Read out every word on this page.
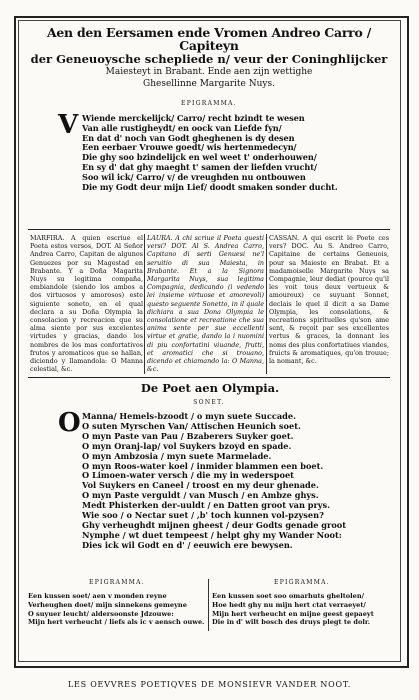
Aen den Eersamen ende Vromen Andreo Carro / Capiteyn
der Geneuoysche schepliede n/ veur der Coninghlijcker
Maiesteyt in Brabant. Ende aen zijn wettighe
Ghesellinne Margarite Nuys.
EPIGRAMMA.
V Wiende merckelijck/ Carro/ recht bzindt te wesen
Van alle rustigheydt/ en oock van Liefde fyn/
En dat d' noch van Godt gheghenen is dy desen
Een eerbaer Vrouwe goedt/ wis hertenmedecyn/
Die ghy soo bzindelijck en wel weet t' onderhouwen/
En sy d' dat ghy maeght t' samen der liefden vrucht/
Soo wil ick/ Carro/ v/ de vreughden nu ontbouwen
Die my Godt deur mijn Lief/ doodt smaken sonder ducht.
MARFIRA. A quien escriue el Poeta estos versos, DOT. Al Señor Andrea Carro, Capitan de algunos Genuezes por su Magestad en Brabante. Y a Doña Magarita Nuys su legitima compaña, embiandole (siendo los ambos a dos virtuosos y amorosos) este siguiente soneto, en el qual declara a su Doña Olympia la consolacion y recreacion que su alma siente por sus excelentes virtudes y gracias, dando los nombres de los mas confortativos frutos y aromaticos que se hallan, diciendo y llamandola: O Manna celestial, &c.
LAURA. A chi scriue il Poeta questi versi? DOT. Al S. Andrea Carro, Capitano di serti Genuesi ne'l seruitio di sua Maiesta, in Brabante. Et a la Signora Margarita Nuys, sua legitima Compagnia, dedicando (i vedendo lei insieme virtuose et amorevoli) questo seguente Sonetto, in il quale dichiara a sua Dona Olympia le consolatione et recreatione che sua anima sente per sue eccellenti virtue et gratie, dando la i nuomini di piu confortatini viuande, frutti, et aromatici che si trouano, dicendo et chiamando la: O Manna, &c.
CASSAN. A qui escrit le Poete ces vers? DOC. Au S. Andreo Carro, Capitaine de certains Geneuois, pour sa Maieste en Brabat. Et a madamoiselle Margarite Nuys sa Compagnie, leur dediat (pource qu'il les voit tous deux vertueux & amoureux) ce suyuant Sonnet, declais le quel il dicit a sa Dame Olympia, les consolations, & recreations spirituelles qu'son ame sent, & reçoit par ses excellentes vertus & graces, la donnant les noms des plus confortatiues viandes, fruicts & aromatiques, qu'on trouue; la nomant, &c.
De Poet aen Olympia.
SONET.
O Manna/ Hemels-bzoodt / o myn suete Succade.
O suten Myrschen Van/ Attischen Heunich soet.
O myn Paste van Pau / Bzaberers Suyker goet.
O myn Oranj-lap/ vol Suykers bzoyd en spade.
O myn Ambzosia / myn suete Marmelade.
O myn Roos-water koel / inmider blammen een boet.
O Limoen-water versch / die my in wederspoet
Vol Suykers en Caneel / troost en my deur ghenade.
O myn Paste verguldt / van Musch / en Ambze ghys.
Medt Phisterken der-uuldt / en Datten groot van prys.
Wie soo / o Nectar suet / ,b' toch kunnen vol-pzysen?
Ghy verheughdt mijnen gheest / deur Godts genade groot
Nymphe / wt duet tempeest / helpt ghy my Wander Noot:
Dies ick wil Godt en d' / eeuwich ere bewysen.
EPIGRAMMA.	EPIGRAMMA.
Een kussen soet/ aen v monden reyne
Verheughen doet/ mijn sinnekens gemeyne
O suyuer leucht/ aldersoonste Jdzouwe:
Mijn hert verheucht / liefs als ic v aensch ouwe.
Een kussen soet soo omarhuts gheltolen/
Hoe hedt ghy nu mijn hert ctat verraeyet/
Mijn hert verheucht en mijne geest gepaeyt
Die in d' wilt bosch des druys plegt te dolr.
LES OEVVRES POETIQVES DE MONSIEVR VANDER NOOT.
